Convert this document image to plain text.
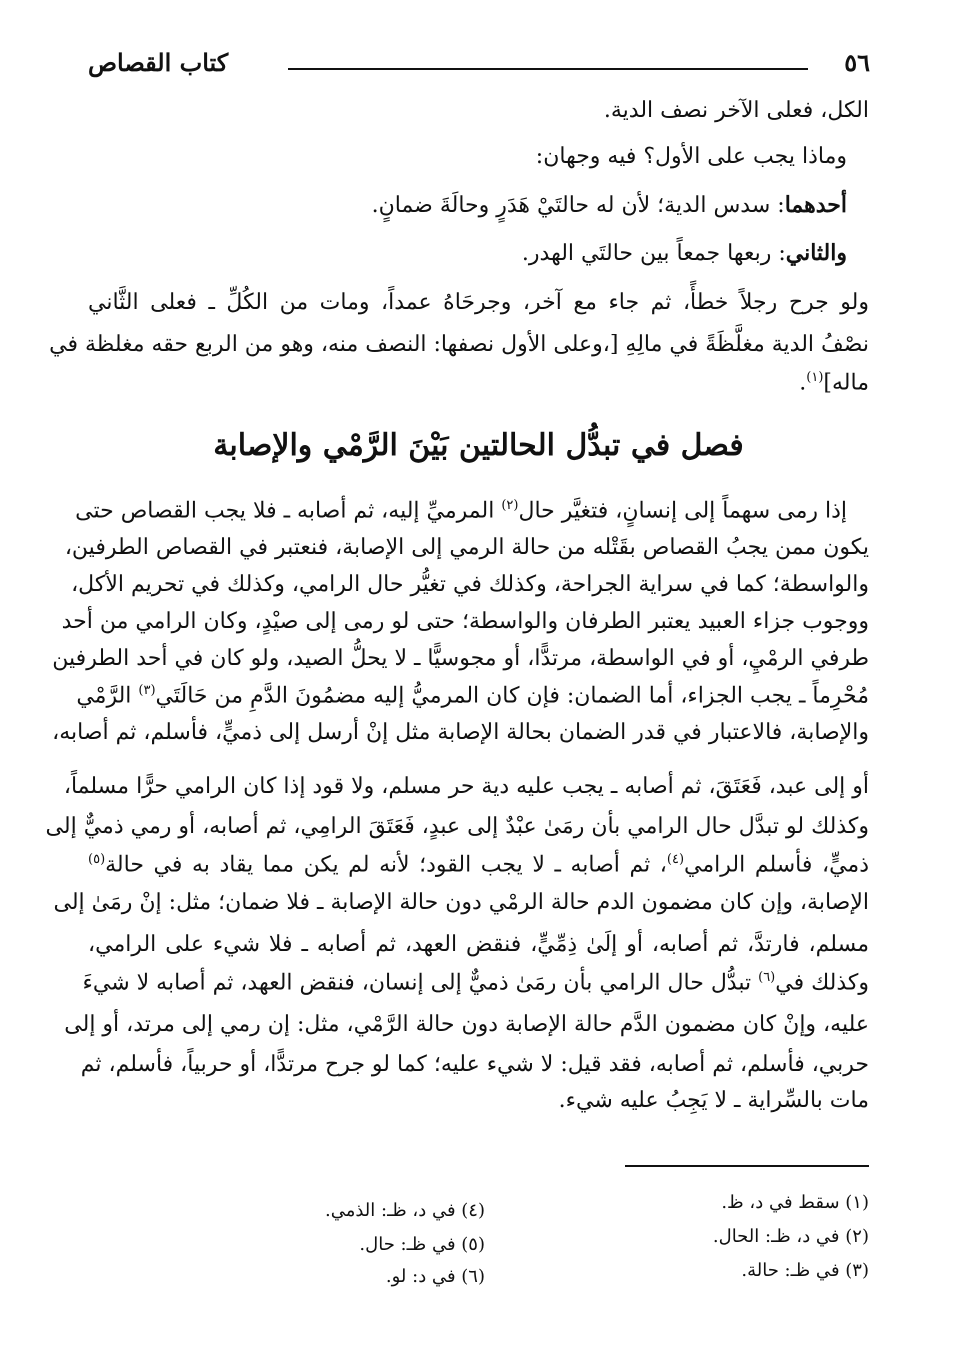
٥٦
كتاب القصاص
الكل، فعلى الآخر نصف الدية.
وماذا يجب على الأول؟ فيه وجهان:
أحدهما: سدس الدية؛ لأن له حالتَيْ هَدَرٍ وحالَةَ ضمانٍ.
والثاني: ربعها جمعاً بين حالتَي الهدر.
ولو جرح رجلاً خطأً، ثم جاء مع آخر، وجرحَاهُ عمداً، ومات من الكُلِّ ـ فعلى الثَّاني
نصْفُ الدية مغلَّظَةً في مالِهِ [،وعلى الأول نصفها: النصف منه، وهو من الربع حقه مغلظة في
ماله]$^{(١)}$.
فصل في تبدُّل الحالتين بَيْنَ الرَّمْي والإصابة
إذا رمى سهماً إلى إنسانٍ، فتغيَّر حال$^{(٢)}$ المرميِّ إليه، ثم أصابه ـ فلا يجب القصاص حتى
يكون ممن يجبُ القصاص بقَتْله من حالة الرمي إلى الإصابة، فنعتبر في القصاص الطرفين،
والواسطة؛ كما في سراية الجراحة، وكذلك في تغيُّر حال الرامي، وكذلك في تحريم الأكل،
ووجوب جزاء العبيد يعتبر الطرفان والواسطة؛ حتى لو رمى إلى صيْدٍ، وكان الرامي من أحد
طرفي الرمْيِ، أو في الواسطة، مرتدًّا، أو مجوسيًّا ـ لا يحلُّ الصيد، ولو كان في أحد الطرفين
مُحْرِماً ـ يجب الجزاء، أما الضمان: فإن كان المرميُّ إليه مضمُونَ الدَّمِ من حَالَتَي$^{(٣)}$ الرَّمْي
والإصابة، فالاعتبار في قدر الضمان بحالة الإصابة مثل إنْ أرسل إلى ذميٍّ، فأسلم، ثم أصابه،
أو إلى عبد، فَعَتَقَ، ثم أصابه ـ يجب عليه دية حر مسلم، ولا قود إذا كان الرامي حرًّا مسلماً،
وكذلك لو تبدَّل حال الرامي بأن رمَىٰ عبْدٌ إلى عبدٍ، فَعَتَقَ الرامِي، ثم أصابه، أو رمي ذميٌّ إلى
ذميٍّ، فأسلم الرامي$^{(٤)}$، ثم أصابه ـ لا يجب القود؛ لأنه لم يكن مما يقاد به في حالة$^{(٥)}$
الإصابة، وإن كان مضمون الدم حالة الرمْي دون حالة الإصابة ـ فلا ضمان؛ مثل: إنْ رمَىٰ إلى
مسلم، فارتدَّ، ثم أصابه، أو إلَىٰ ذِمِّيٍّ، فنقض العهد، ثم أصابه ـ فلا شيء على الرامي،
وكذلك في$^{(٦)}$ تبدُّل حال الرامي بأن رمَىٰ ذميٌّ إلى إنسان، فنقض العهد، ثم أصابه لا شيءَ
عليه، وإنْ كان مضمون الدَّم حالة الإصابة دون حالة الرَّمْي، مثل: إن رمي إلى مرتد، أو إلى
حربي، فأسلم، ثم أصابه، فقد قيل: لا شيء عليه؛ كما لو جرح مرتدًّا، أو حربياً، فأسلم، ثم
مات بالسِّراية ـ لا يَجِبُ عليه شيء.
(١) سقط في د، ظ.
(٢) في د، ظـ: الحال.
(٣) في ظـ: حالة.
(٤) في د، ظـ: الذمي.
(٥) في ظـ: حال.
(٦) في د: لو.
